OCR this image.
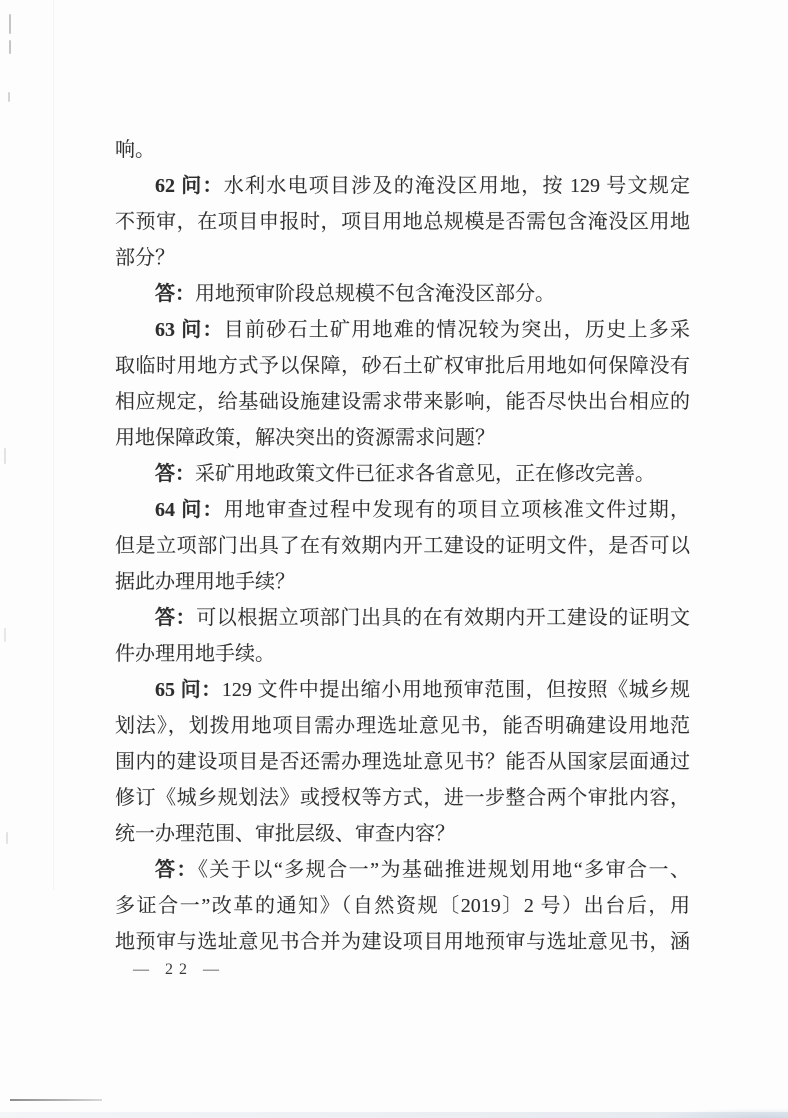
响。
62 问：水利水电项目涉及的淹没区用地，按 129 号文规定
不预审，在项目申报时，项目用地总规模是否需包含淹没区用地
部分？
答：用地预审阶段总规模不包含淹没区部分。
63 问：目前砂石土矿用地难的情况较为突出，历史上多采
取临时用地方式予以保障，砂石土矿权审批后用地如何保障没有
相应规定，给基础设施建设需求带来影响，能否尽快出台相应的
用地保障政策，解决突出的资源需求问题？
答：采矿用地政策文件已征求各省意见，正在修改完善。
64 问：用地审查过程中发现有的项目立项核准文件过期，
但是立项部门出具了在有效期内开工建设的证明文件，是否可以
据此办理用地手续？
答：可以根据立项部门出具的在有效期内开工建设的证明文
件办理用地手续。
65 问：129 文件中提出缩小用地预审范围，但按照《城乡规
划法》，划拨用地项目需办理选址意见书，能否明确建设用地范
围内的建设项目是否还需办理选址意见书？能否从国家层面通过
修订《城乡规划法》或授权等方式，进一步整合两个审批内容，
统一办理范围、审批层级、审查内容？
答：《关于以“多规合一”为基础推进规划用地“多审合一、
多证合一”改革的通知》（自然资规〔2019〕2 号）出台后，用
地预审与选址意见书合并为建设项目用地预审与选址意见书，涵
— 22 —
